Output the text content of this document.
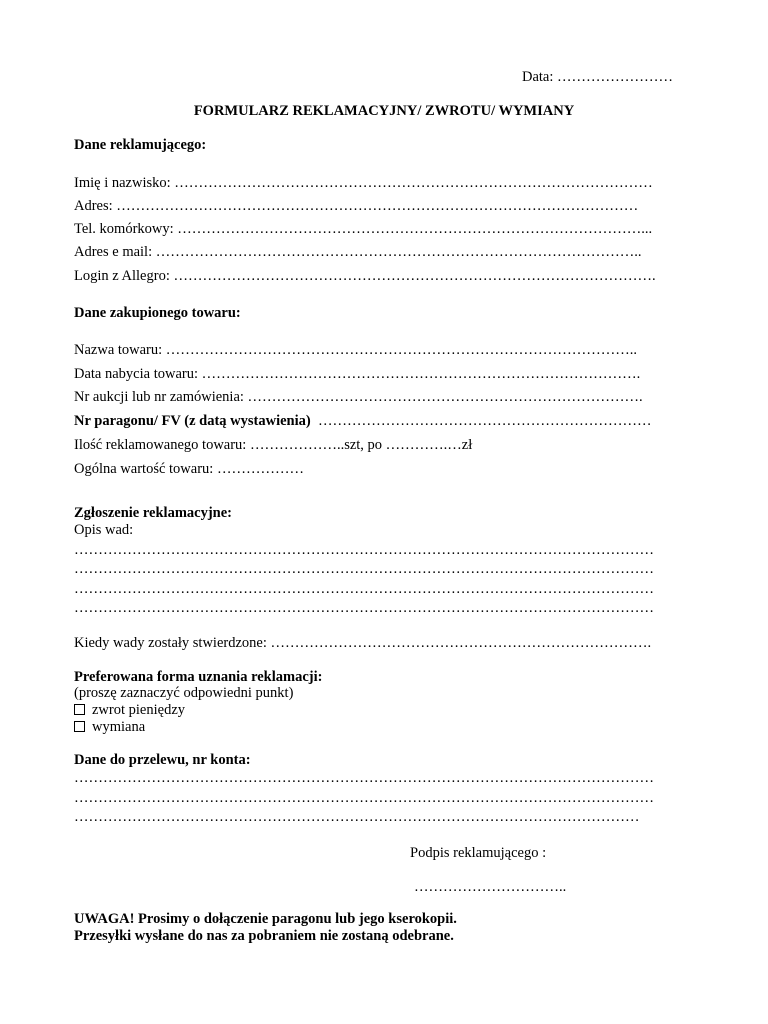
Data: ……………………
FORMULARZ REKLAMACYJNY/ ZWROTU/ WYMIANY
Dane reklamującego:
Imię i nazwisko: ………………………………………………………………………………………
Adres: ………………………………………………………………………………………………
Tel. komórkowy: ……………………………………………………………………………………...
Adres e mail: ………………………………………………………………………………………..
Login z Allegro: ……………………………………………………………………………………….
Dane zakupionego towaru:
Nazwa towaru: ……………………………………………………………………………………..
Data nabycia towaru: ……………………………………………………………………………….
Nr aukcji lub nr zamówienia: ……………………………………………………………………….
Nr paragonu/ FV (z datą wystawienia) ……………………………………………………………
Ilość reklamowanego towaru: ………………..szt, po ………….…zł
Ogólna wartość towaru: ………………
Zgłoszenie reklamacyjne:
Opis wad:
…………………………………………………………………………………………………………
…………………………………………………………………………………………………………
…………………………………………………………………………………………………………
…………………………………………………………………………………………………………
Kiedy wady zostały stwierdzone: …………………………………………………………………….
Preferowana forma uznania reklamacji:
(proszę zaznaczyć odpowiedni punkt)
zwrot pieniędzy
wymiana
Dane do przelewu, nr konta:
…………………………………………………………………………………………………………
…………………………………………………………………………………………………………
………………………………………………………………………………………………………
Podpis reklamującego :
…………………………..
UWAGA! Prosimy o dołączenie paragonu lub jego kserokopii.
Przesyłki wysłane do nas za pobraniem nie zostaną odebrane.
